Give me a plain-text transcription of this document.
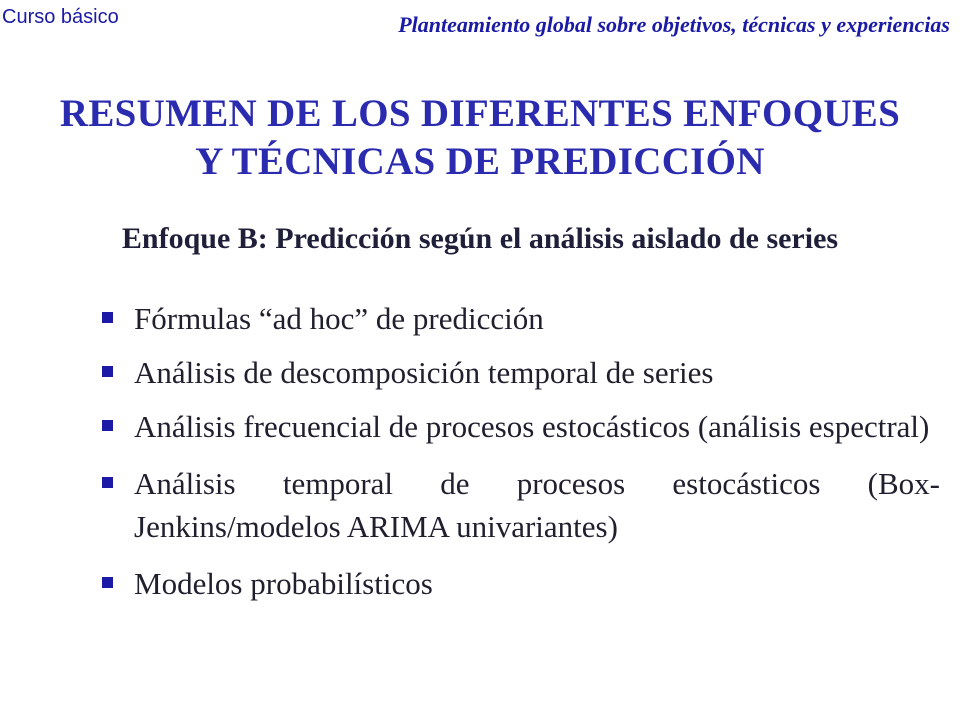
Curso básico	Planteamiento global sobre objetivos, técnicas y experiencias
RESUMEN DE LOS DIFERENTES ENFOQUES
Y TÉCNICAS DE PREDICCIÓN
Enfoque B: Predicción según el análisis aislado de series
Fórmulas “ad hoc” de predicción
Análisis de descomposición temporal de series
Análisis frecuencial de procesos estocásticos (análisis espectral)
Análisis temporal de procesos estocásticos (Box-Jenkins/modelos ARIMA univariantes)
Modelos probabilísticos
